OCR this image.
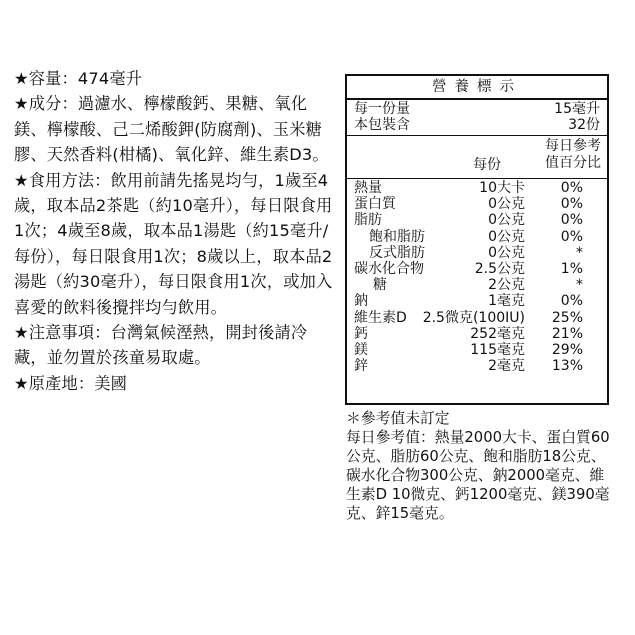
★容量：474毫升

★成分：過濾水、檸檬酸鈣、果糖、氧化鎂、檸檬酸、己二烯酸鉀(防腐劑)、玉米糖膠、天然香料(柑橘)、氧化鋅、維生素D3。

★食用方法：飲用前請先搖晃均勻，1歲至4歲，取本品2茶匙（約10毫升），每日限食用1次；4歲至8歲，取本品1湯匙（約15毫升/每份），每日限食用1次；8歲以上，取本品2湯匙（約30毫升），每日限食用1次，或加入喜愛的飲料後攪拌均勻飲用。

★注意事項：台灣氣候溼熱，開封後請冷藏，並勿置於孩童易取處。

★原產地：美國

營養標示
每一份量	15毫升
本包裝含	32份
每份
每日參考
值百分比
熱量	10大卡	0%
蛋白質	0公克	0%
脂肪	0公克	0%
飽和脂肪	0公克	0%
反式脂肪	0公克	*
碳水化合物	2.5公克	1%
糖	2公克	*
鈉	1毫克	0%
維生素D 2.5微克(100IU) 25%
鈣	252毫克 21%
鎂	115毫克 29%
鋅	2毫克 13%

＊參考值未訂定

每日參考值：熱量2000大卡、蛋白質60公克、脂肪60公克、飽和脂肪18公克、碳水化合物300公克、鈉2000毫克、維生素D 10微克、鈣1200毫克、鎂390毫克、鋅15毫克。
